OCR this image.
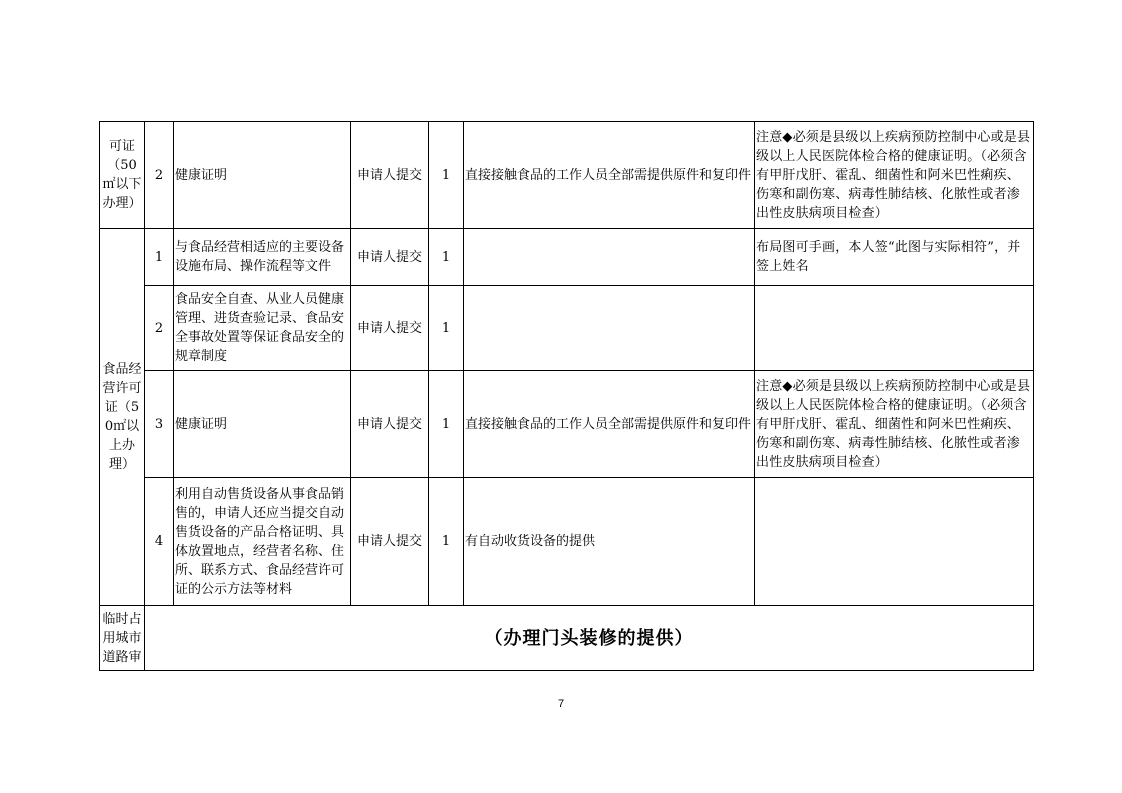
可证（50㎡以下办理）	2	健康证明	申请人提交	1	直接接触食品的工作人员全部需提供原件和复印件	注意◆必须是县级以上疾病预防控制中心或是县级以上人民医院体检合格的健康证明。（必须含有甲肝戊肝、霍乱、细菌性和阿米巴性痢疾、伤寒和副伤寒、病毒性肺结核、化脓性或者渗出性皮肤病项目检查）
食品经营许可证（50㎡以上办理）	1	与食品经营相适应的主要设备设施布局、操作流程等文件	申请人提交	1		布局图可手画，本人签“此图与实际相符”，并签上姓名
	2	食品安全自查、从业人员健康管理、进货查验记录、食品安全事故处置等保证食品安全的规章制度	申请人提交	1		
	3	健康证明	申请人提交	1	直接接触食品的工作人员全部需提供原件和复印件	注意◆必须是县级以上疾病预防控制中心或是县级以上人民医院体检合格的健康证明。（必须含有甲肝戊肝、霍乱、细菌性和阿米巴性痢疾、伤寒和副伤寒、病毒性肺结核、化脓性或者渗出性皮肤病项目检查）
	4	利用自动售货设备从事食品销售的，申请人还应当提交自动售货设备的产品合格证明、具体放置地点，经营者名称、住所、联系方式、食品经营许可证的公示方法等材料	申请人提交	1	有自动收货设备的提供	
临时占用城市道路审	（办理门头装修的提供）					
7
